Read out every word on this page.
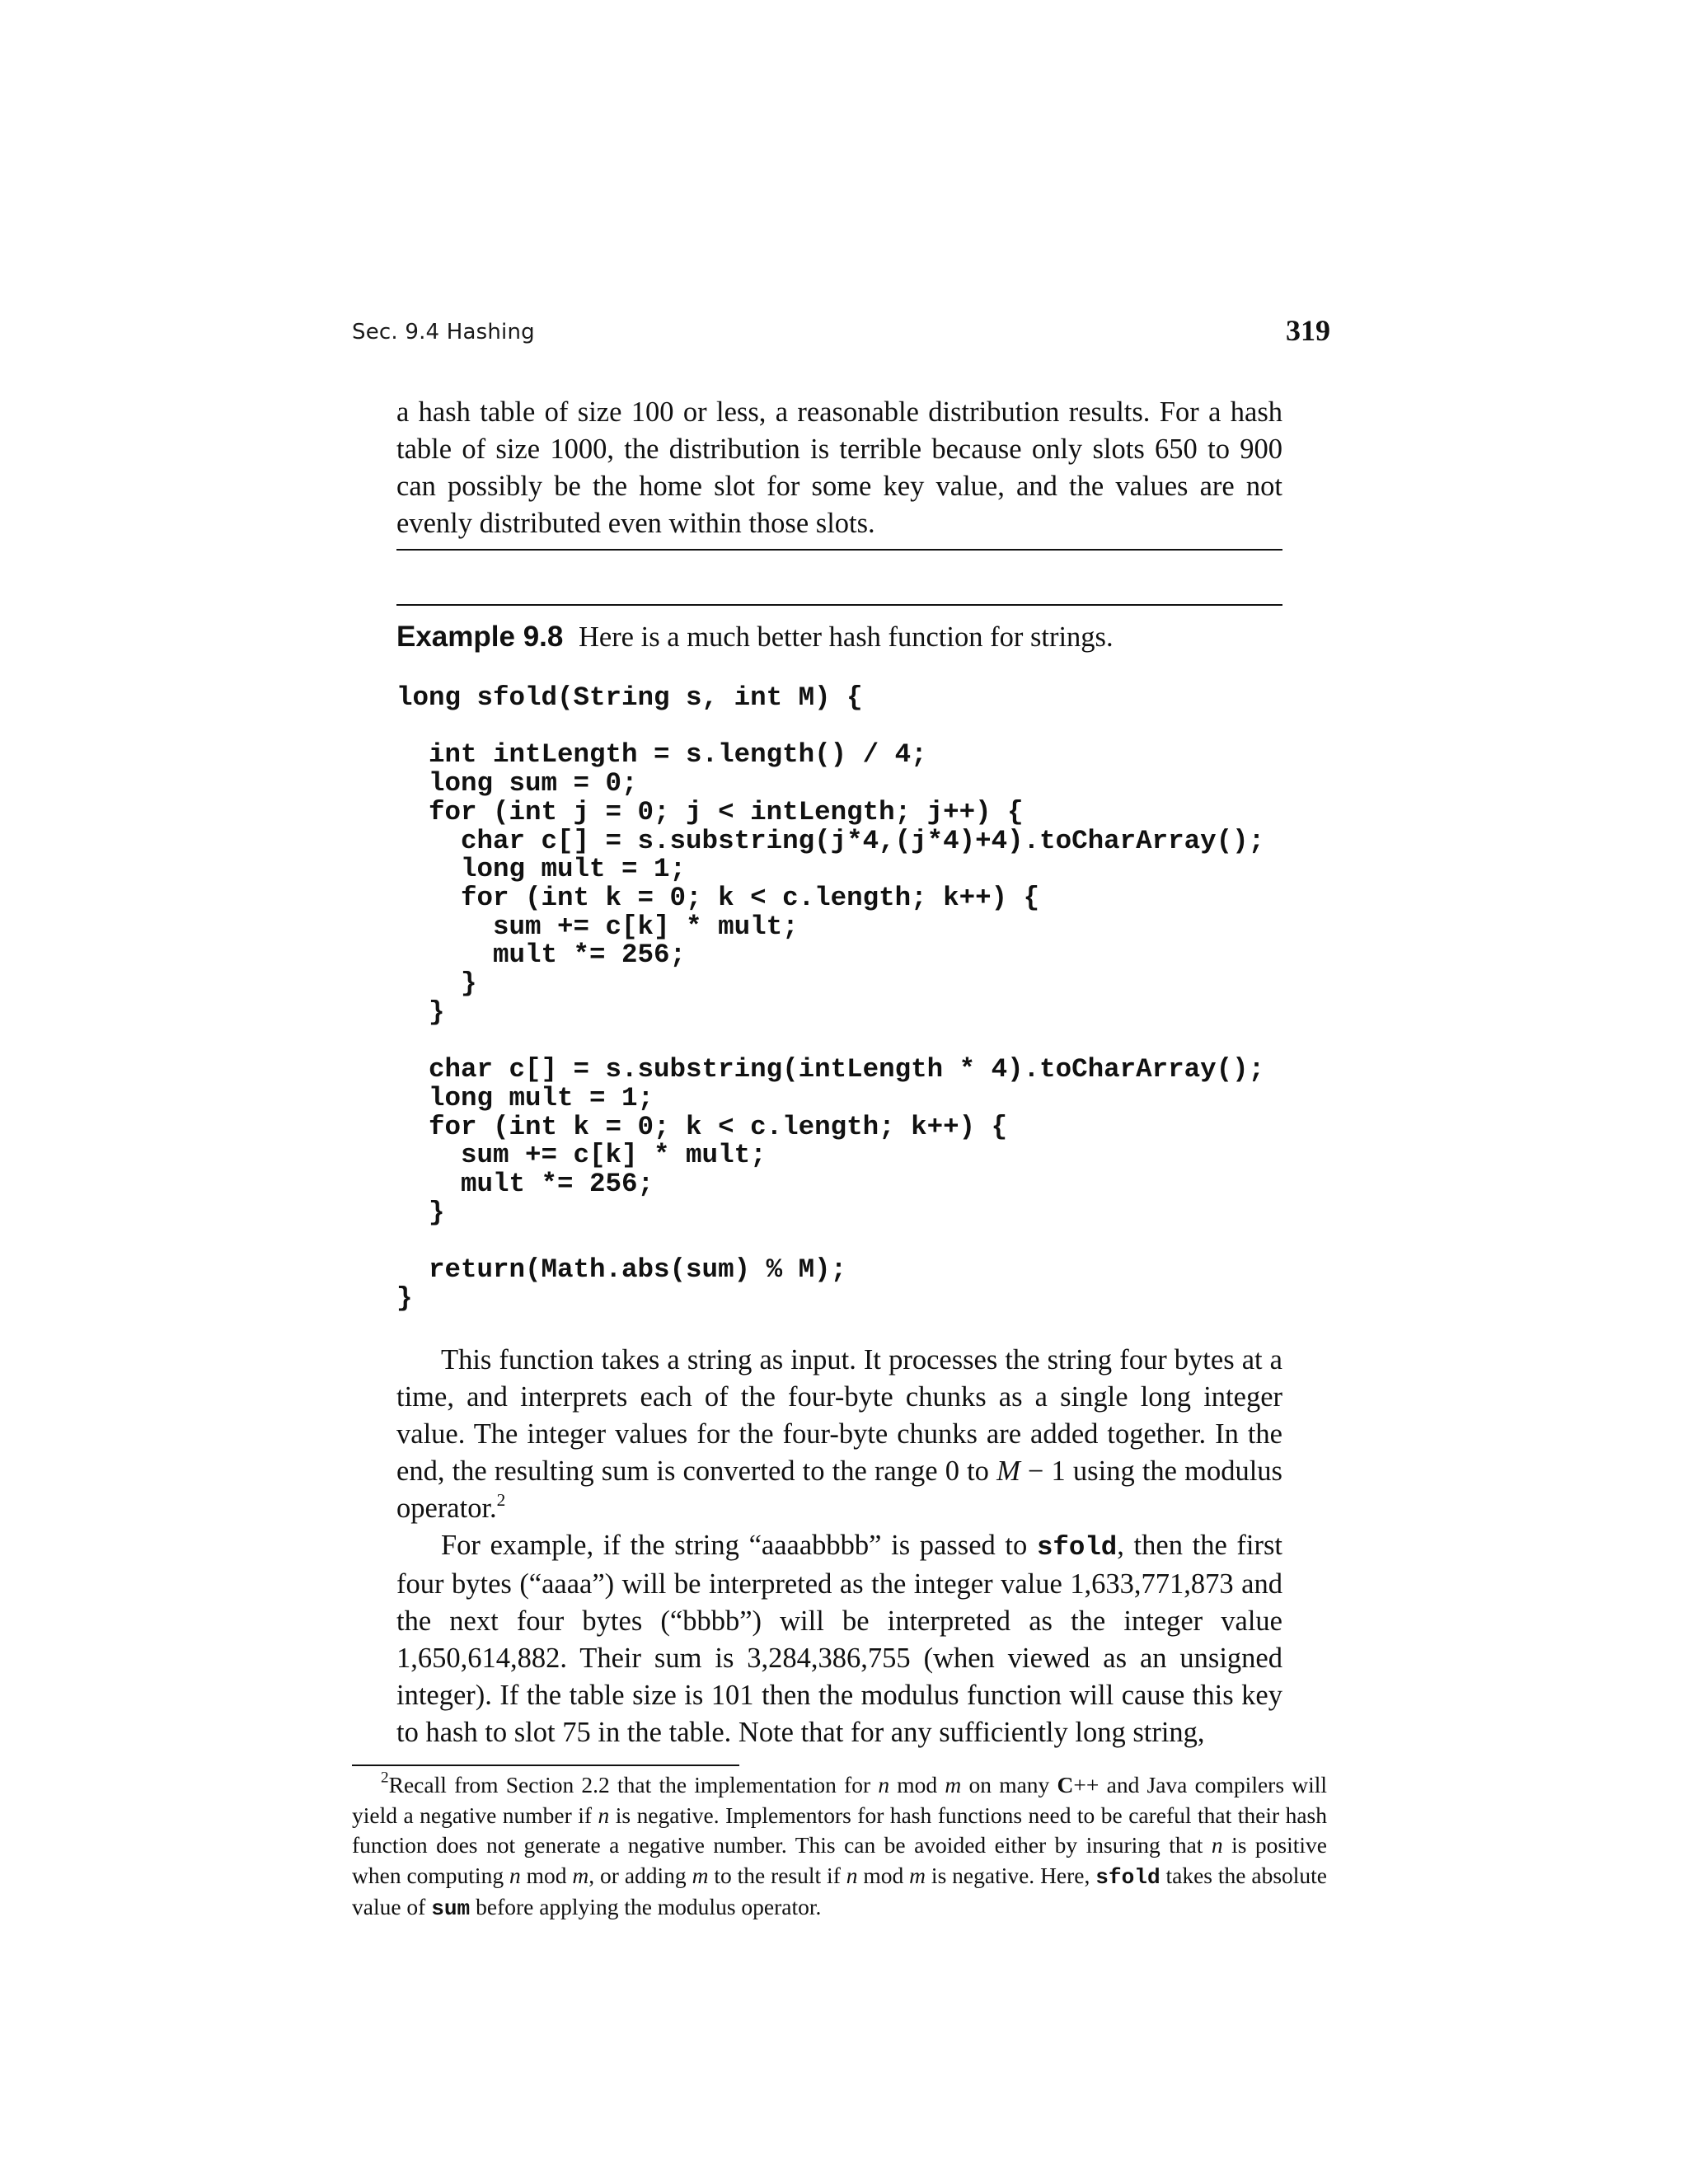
Sec. 9.4 Hashing	319
a hash table of size 100 or less, a reasonable distribution results. For a hash table of size 1000, the distribution is terrible because only slots 650 to 900 can possibly be the home slot for some key value, and the values are not evenly distributed even within those slots.
Example 9.8 Here is a much better hash function for strings.
long sfold(String s, int M) {

int intLength = s.length() / 4;
long sum = 0;
for (int j = 0; j < intLength; j++) {
char c[] = s.substring(j*4,(j*4)+4).toCharArray();
long mult = 1;
for (int k = 0; k < c.length; k++) {
sum += c[k] * mult;
mult *= 256;
}
}

char c[] = s.substring(intLength * 4).toCharArray();
long mult = 1;
for (int k = 0; k < c.length; k++) {
sum += c[k] * mult;
mult *= 256;
}

return(Math.abs(sum) % M);
}

This function takes a string as input. It processes the string four bytes at a time, and interprets each of the four-byte chunks as a single long integer value. The integer values for the four-byte chunks are added together. In the end, the resulting sum is converted to the range 0 to M − 1 using the modulus operator.$^2$

For example, if the string “aaaabbbb” is passed to sfold, then the first four bytes (“aaaa”) will be interpreted as the integer value 1,633,771,873 and the next four bytes (“bbbb”) will be interpreted as the integer value 1,650,614,882. Their sum is 3,284,386,755 (when viewed as an unsigned integer). If the table size is 101 then the modulus function will cause this key to hash to slot 75 in the table. Note that for any sufficiently long string,

$^2$Recall from Section 2.2 that the implementation for n mod m on many C++ and Java compilers will yield a negative number if n is negative. Implementors for hash functions need to be careful that their hash function does not generate a negative number. This can be avoided either by insuring that n is positive when computing n mod m, or adding m to the result if n mod m is negative. Here, sfold takes the absolute value of sum before applying the modulus operator.
